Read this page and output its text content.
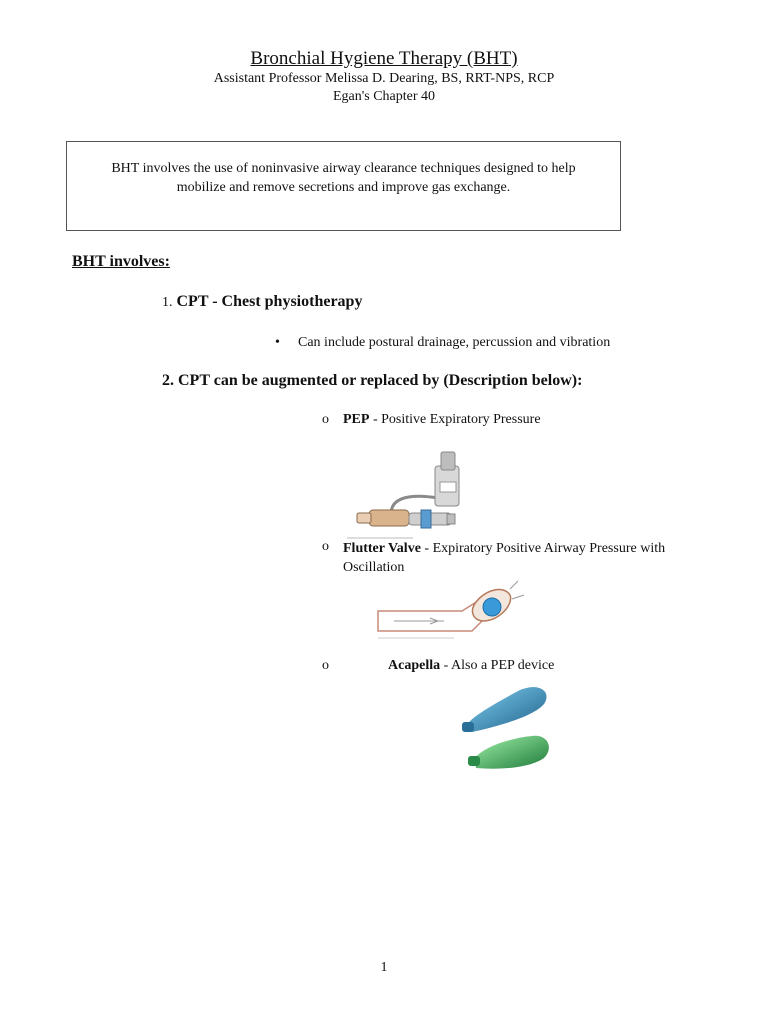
Bronchial Hygiene Therapy (BHT)
Assistant Professor Melissa D. Dearing, BS, RRT-NPS, RCP
Egan's Chapter 40
BHT involves the use of noninvasive airway clearance techniques designed to help mobilize and remove secretions and improve gas exchange.
BHT involves:
1. CPT - Chest physiotherapy
• Can include postural drainage, percussion and vibration
2. CPT can be augmented or replaced by (Description below):
o PEP - Positive Expiratory Pressure
o Flutter Valve - Expiratory Positive Airway Pressure with Oscillation
o	Acapella - Also a PEP device
1
